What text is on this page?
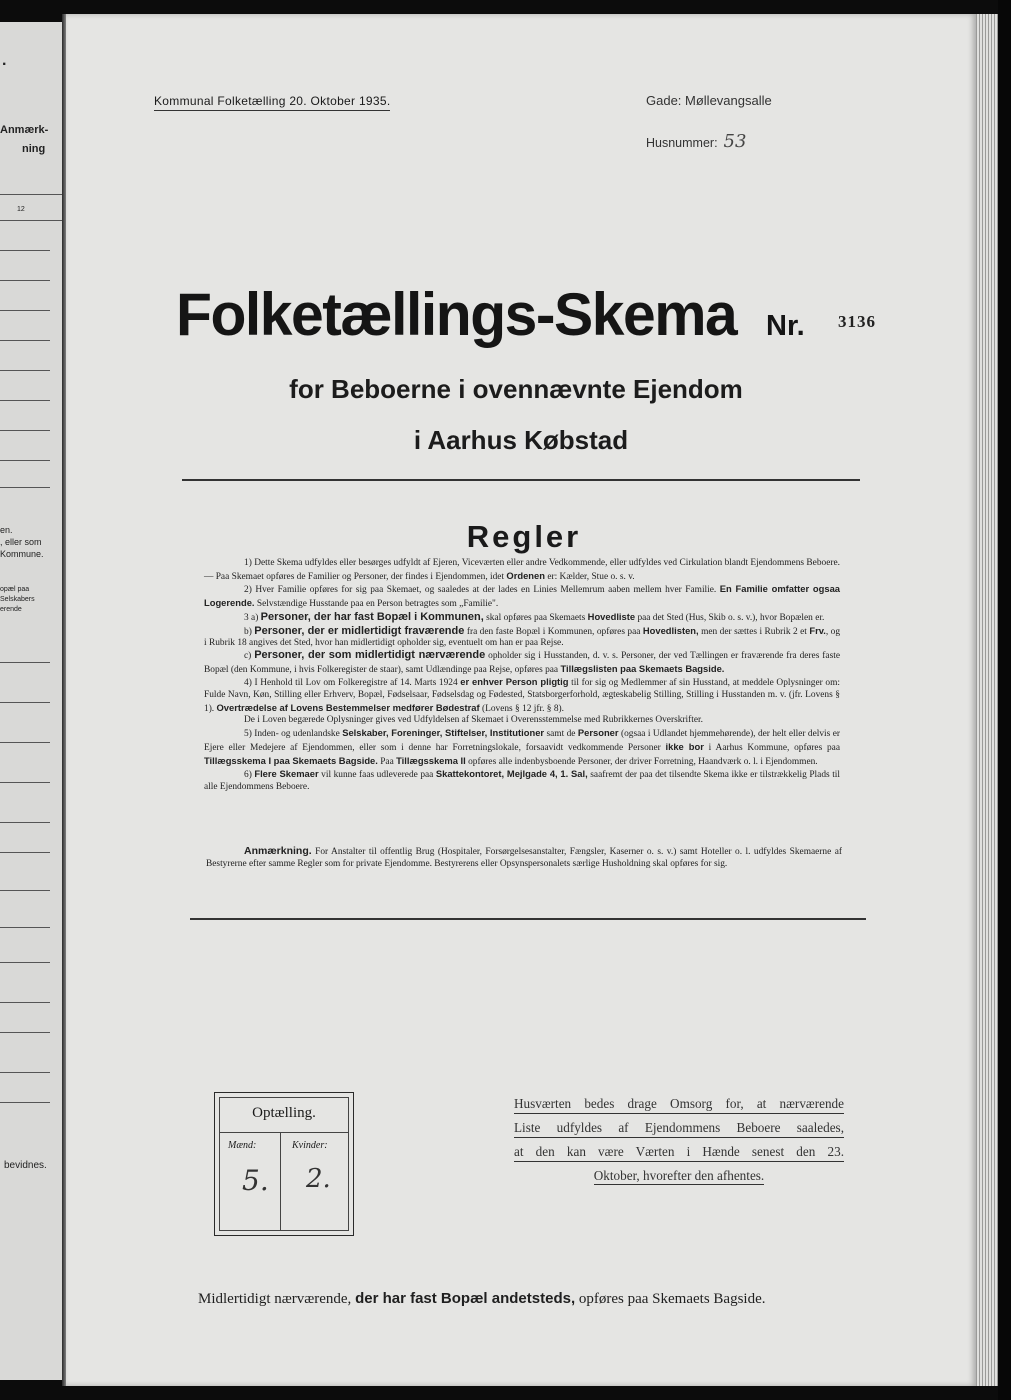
.
Anmærk-
ning
12
en.
, eller som
Kommune.
opæl paa
Selskabers
erende
bevidnes.
Kommunal Folketælling 20. Oktober 1935.	Gade: Møllevangsalle
Husnummer: 53
Folketællings-Skema Nr. 3136
for Beboerne i ovennævnte Ejendom
i Aarhus Købstad
Regler

1) Dette Skema udfyldes eller besørges udfyldt af Ejeren, Viceværten eller andre Vedkommende, eller udfyldes ved Cirkulation blandt Ejendommens Beboere. — Paa Skemaet opføres de Familier og Personer, der findes i Ejendommen, idet Ordenen er: Kælder, Stue o. s. v.

2) Hver Familie opføres for sig paa Skemaet, og saaledes at der lades en Linies Mellemrum aaben mellem hver Familie. En Familie omfatter ogsaa Logerende. Selvstændige Husstande paa en Person betragtes som „Familie".

3 a) Personer, der har fast Bopæl i Kommunen, skal opføres paa Skemaets Hovedliste paa det Sted (Hus, Skib o. s. v.), hvor Bopælen er.

b) Personer, der er midlertidigt fraværende fra den faste Bopæl i Kommunen, opføres paa Hovedlisten, men der sættes i Rubrik 2 et Frv., og i Rubrik 18 angives det Sted, hvor han midlertidigt opholder sig, eventuelt om han er paa Rejse.

c) Personer, der som midlertidigt nærværende opholder sig i Husstanden, d. v. s. Personer, der ved Tællingen er fraværende fra deres faste Bopæl (den Kommune, i hvis Folkeregister de staar), samt Udlændinge paa Rejse, opføres paa Tillægslisten paa Skemaets Bagside.

4) I Henhold til Lov om Folkeregistre af 14. Marts 1924 er enhver Person pligtig til for sig og Medlemmer af sin Husstand, at meddele Oplysninger om: Fulde Navn, Køn, Stilling eller Erhverv, Bopæl, Fødselsaar, Fødselsdag og Fødested, Statsborgerforhold, ægteskabelig Stilling, Stilling i Husstanden m. v. (jfr. Lovens § 1). Overtrædelse af Lovens Bestemmelser medfører Bødestraf (Lovens § 12 jfr. § 8).

De i Loven begærede Oplysninger gives ved Udfyldelsen af Skemaet i Overensstemmelse med Rubrikkernes Overskrifter.

5) Inden- og udenlandske Selskaber, Foreninger, Stiftelser, Institutioner samt de Personer (ogsaa i Udlandet hjemmehørende), der helt eller delvis er Ejere eller Medejere af Ejendommen, eller som i denne har Forretningslokale, forsaavidt vedkommende Personer ikke bor i Aarhus Kommune, opføres paa Tillægsskema I paa Skemaets Bagside. Paa Tillægsskema II opføres alle indenbysboende Personer, der driver Forretning, Haandværk o. l. i Ejendommen.

6) Flere Skemaer vil kunne faas udleverede paa Skattekontoret, Mejlgade 4, 1. Sal, saafremt der paa det tilsendte Skema ikke er tilstrækkelig Plads til alle Ejendommens Beboere.

Anmærkning. For Anstalter til offentlig Brug (Hospitaler, Forsørgelsesanstalter, Fængsler, Kaserner o. s. v.) samt Hoteller o. l. udfyldes Skemaerne af Bestyrerne efter samme Regler som for private Ejendomme. Bestyrerens eller Opsynspersonalets særlige Husholdning skal opføres for sig.

Optælling.
Mænd:	Kvinder:
5. 2.
Husværten bedes drage Omsorg for, at nærværende
Liste udfyldes af Ejendommens Beboere saaledes,
at den kan være Værten i Hænde senest den 23.
Oktober, hvorefter den afhentes.
Midlertidigt nærværende, der har fast Bopæl andetsteds, opføres paa Skemaets Bagside.
